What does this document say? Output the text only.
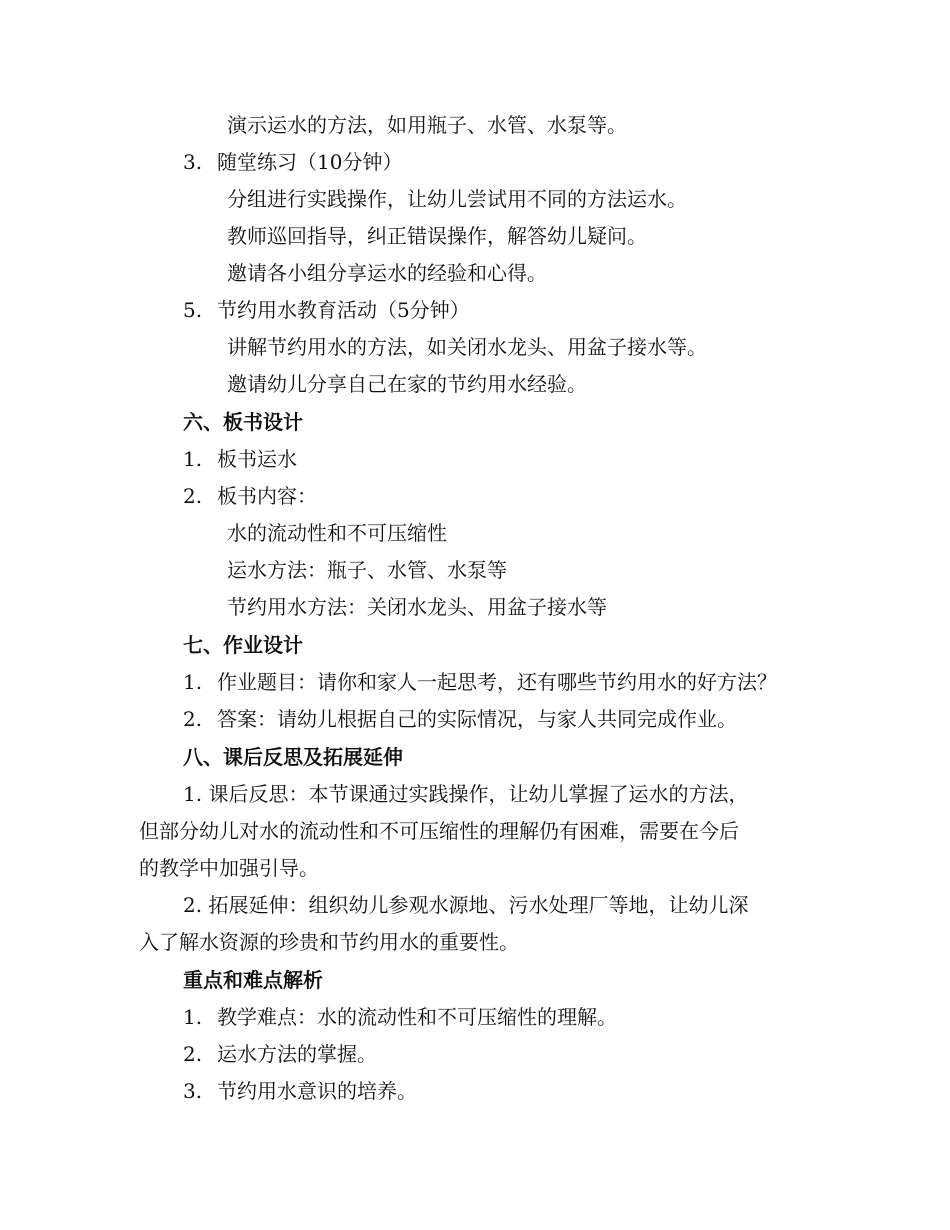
演示运水的方法，如用瓶子、水管、水泵等。
3. 随堂练习（10分钟）
分组进行实践操作，让幼儿尝试用不同的方法运水。
教师巡回指导，纠正错误操作，解答幼儿疑问。
邀请各小组分享运水的经验和心得。
5. 节约用水教育活动（5分钟）
讲解节约用水的方法，如关闭水龙头、用盆子接水等。
邀请幼儿分享自己在家的节约用水经验。
六、板书设计
1. 板书运水
2. 板书内容：
水的流动性和不可压缩性
运水方法：瓶子、水管、水泵等
节约用水方法：关闭水龙头、用盆子接水等
七、作业设计
1. 作业题目：请你和家人一起思考，还有哪些节约用水的好方法？
2. 答案：请幼儿根据自己的实际情况，与家人共同完成作业。
八、课后反思及拓展延伸
1. 课后反思：本节课通过实践操作，让幼儿掌握了运水的方法，
但部分幼儿对水的流动性和不可压缩性的理解仍有困难，需要在今后
的教学中加强引导。
2. 拓展延伸：组织幼儿参观水源地、污水处理厂等地，让幼儿深
入了解水资源的珍贵和节约用水的重要性。
重点和难点解析
1. 教学难点：水的流动性和不可压缩性的理解。
2. 运水方法的掌握。
3. 节约用水意识的培养。
